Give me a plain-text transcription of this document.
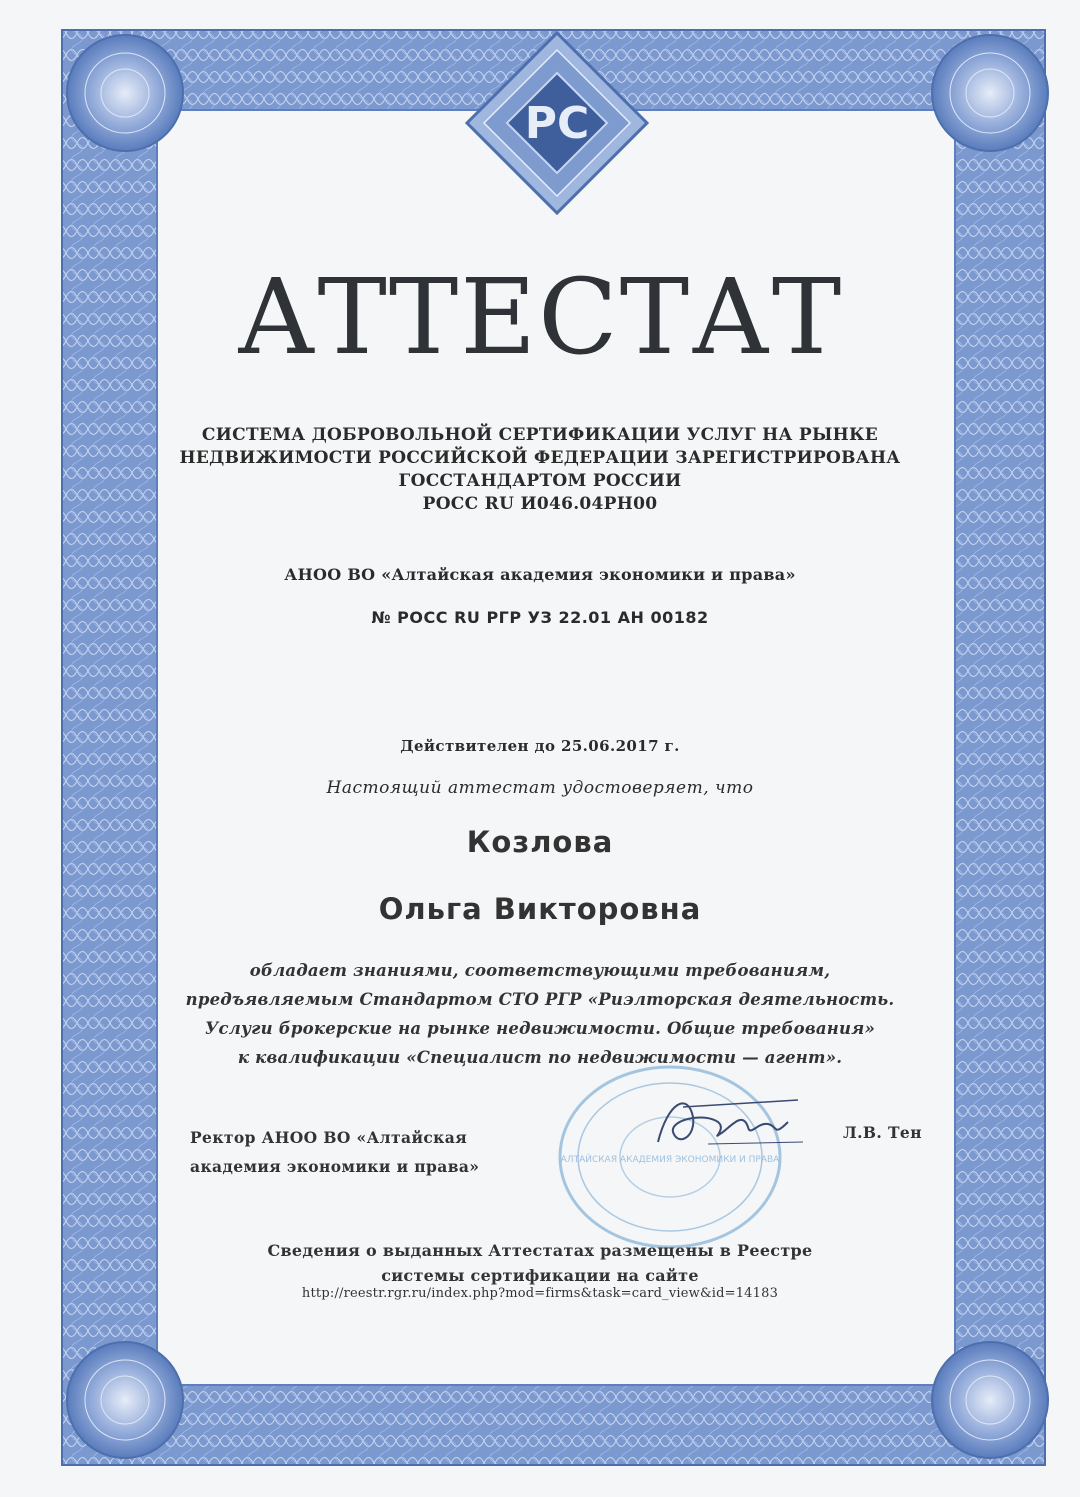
РС
АТТЕСТАТ
СИСТЕМА ДОБРОВОЛЬНОЙ СЕРТИФИКАЦИИ УСЛУГ НА РЫНКЕ
НЕДВИЖИМОСТИ РОССИЙСКОЙ ФЕДЕРАЦИИ ЗАРЕГИСТРИРОВАНА
ГОССТАНДАРТОМ РОССИИ
РОСС RU И046.04РН00
АНОО ВО «Алтайская академия экономики и права»
№ РОСС RU РГР УЗ 22.01 АН 00182
Действителен до 25.06.2017 г.
Настоящий аттестат удостоверяет, что
Козлова
Ольга Викторовна
обладает знаниями, соответствующими требованиям,
предъявляемым Стандартом СТО РГР «Риэлторская деятельность.
Услуги брокерские на рынке недвижимости. Общие требования»
к квалификации «Специалист по недвижимости — агент».
АЛТАЙСКАЯ АКАДЕМИЯ ЭКОНОМИКИ И ПРАВА
Ректор АНОО ВО «Алтайская
академия экономики и права»
Л.В. Тен
Сведения о выданных Аттестатах размещены в Реестре
системы сертификации на сайте
http://reestr.rgr.ru/index.php?mod=firms&task=card_view&id=14183
